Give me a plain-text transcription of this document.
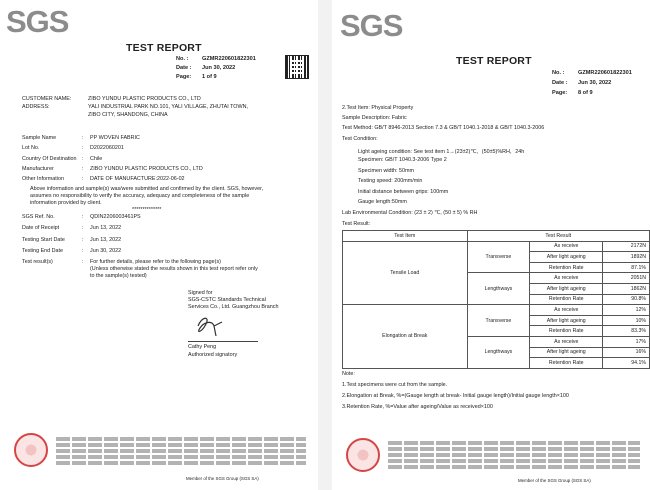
SGS
TEST REPORT
No. : GZMR220601822301
Date : Jun 30, 2022
Page: 1 of 9
CUSTOMER NAME:	ZIBO YUNDU PLASTIC PRODUCTS CO., LTD
ADDRESS:	YALI INDUSTRIAL PARK NO.101, YALI VILLAGE, ZHUTAI TOWN,
ZIBO CITY, SHANDONG, CHINA
Sample Name	: PP WOVEN FABRIC
Lot No.	: D2022060201
Country Of Destination : Chile
Manufacturer	: ZIBO YUNDU PLASTIC PRODUCTS CO., LTD
Other Information	: DATE OF MANUFACTURE:2022-06-02
Above information and sample(s) was/were submitted and confirmed by the client. SGS, however,
assumes no responsibility to verify the accuracy, adequacy and completeness of the sample
information provided by client.
**************
SGS Ref. No.	: QDIN2206003461PS
Date of Receipt	: Jun 13, 2022
Testing Start Date	: Jun 13, 2022
Testing End Date	: Jun 30, 2022
Test result(s)	: For further details, please refer to the following page(s)
(Unless otherwise stated the results shown in this test report refer only
to the sample(s) tested)
Signed for
SGS-CSTC Standards Technical
Services Co., Ltd. Guangzhou Branch
Cathy Peng
Authorized signatory
Member of the SGS Group (SGS SA)
SGS
TEST REPORT
No. : GZMR220601822301
Date : Jun 30, 2022
Page: 8 of 9
2.Test Item: Physical Property
Sample Description: Fabric
Test Method: GB/T 8946-2013 Section 7.3 & GB/T 1040.1-2018 & GB/T 1040.3-2006
Test Condition:
Light ageing condition: See test item 1→(23±2)℃，(50±5)%RH，24h
Specimen: GB/T 1040.3-2006 Type 2
Specimen width: 50mm
Testing speed: 200mm/min
Initial distance between grips: 100mm
Gauge length:50mm
Lab Environmental Condition: (23 ± 2) ℃, (50 ± 5) % RH
Test Result:
Test Item	Test Result		
Tensile Load	Transverse	As receive	2172N
		After light ageing	1892N
		Retention Rate	87.1%
	Lengthways	As receive	2051N
		After light ageing	1862N
		Retention Rate	90.8%
Elongation at Break	Transverse	As receive	12%
		After light ageing	10%
		Retention Rate	83.3%
	Lengthways	As receive	17%
		After light ageing	16%
		Retention Rate	94.1%
Note:
1.Test specimens were cut from the sample.
2.Elongation at Break, %=(Gauge length at break- Initial gauge length)/Initial gauge length×100
3.Retention Rate, %=Value after ageing/Value as received×100
Member of the SGS Group (SGS SA)
